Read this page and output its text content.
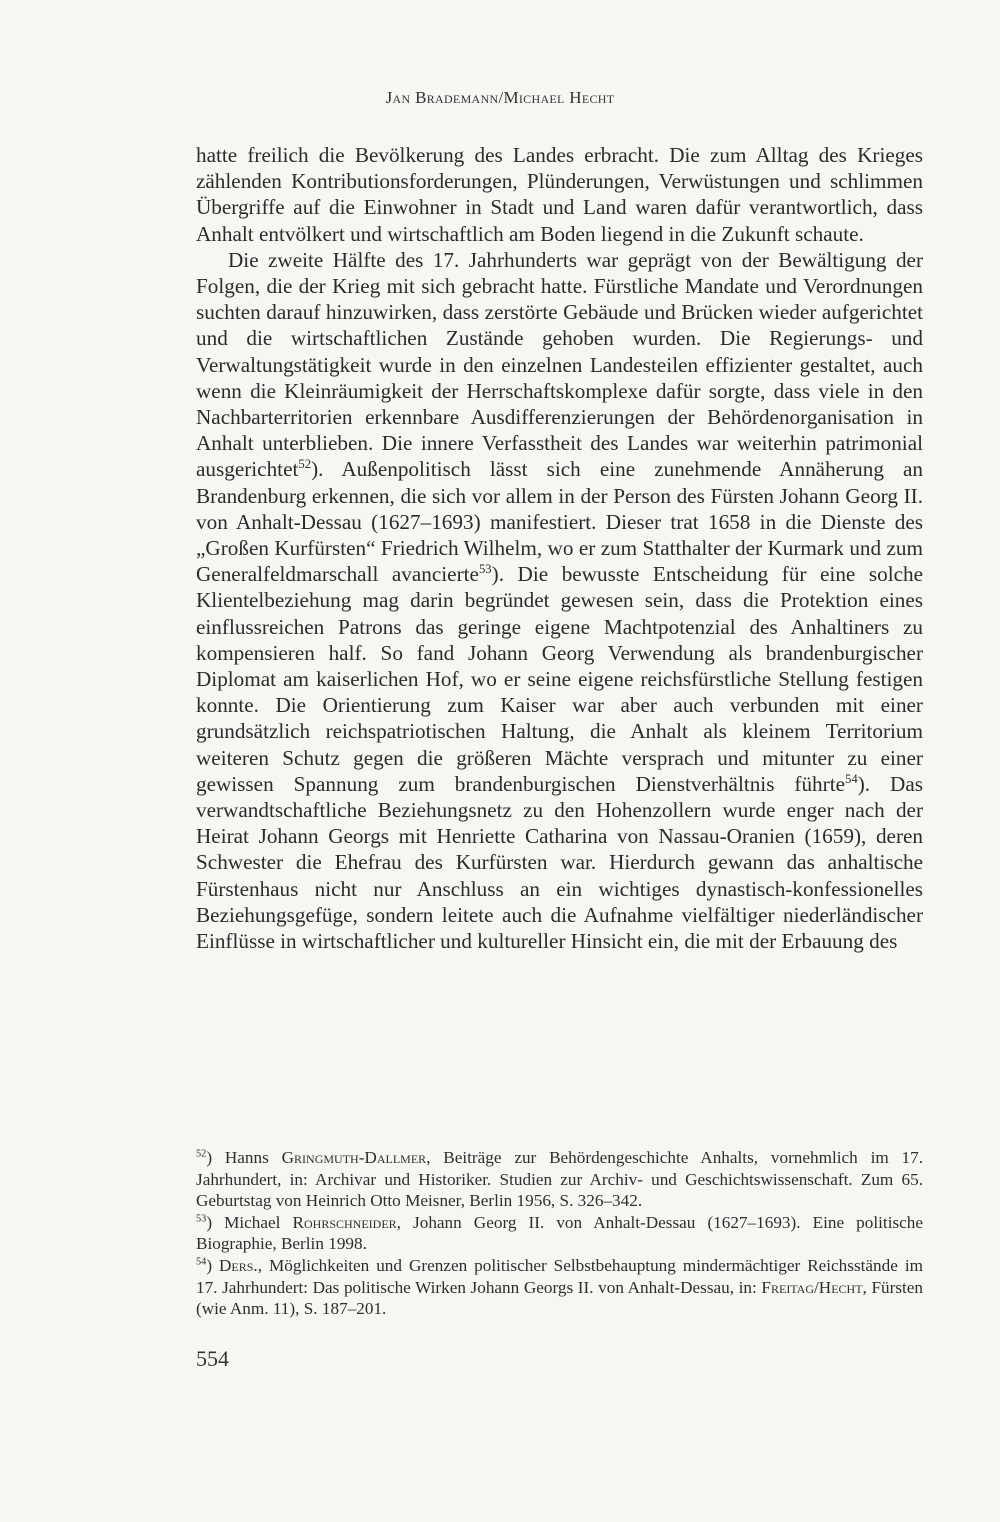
Jan Brademann/Michael Hecht

hatte freilich die Bevölkerung des Landes erbracht. Die zum Alltag des Krieges zählenden Kontributionsforderungen, Plünderungen, Verwüstungen und schlimmen Übergriffe auf die Einwohner in Stadt und Land waren dafür verantwortlich, dass Anhalt entvölkert und wirtschaftlich am Boden liegend in die Zukunft schaute.

Die zweite Hälfte des 17. Jahrhunderts war geprägt von der Bewältigung der Folgen, die der Krieg mit sich gebracht hatte. Fürstliche Mandate und Verordnungen suchten darauf hinzuwirken, dass zerstörte Gebäude und Brücken wieder aufgerichtet und die wirtschaftlichen Zustände gehoben wurden. Die Regierungs- und Verwaltungstätigkeit wurde in den einzelnen Landesteilen effizienter gestaltet, auch wenn die Kleinräumigkeit der Herrschaftskomplexe dafür sorgte, dass viele in den Nachbarterritorien erkennbare Ausdifferenzierungen der Behördenorganisation in Anhalt unterblieben. Die innere Verfasstheit des Landes war weiterhin patrimonial ausgerichtet$^{52}$). Außenpolitisch lässt sich eine zunehmende Annäherung an Brandenburg erkennen, die sich vor allem in der Person des Fürsten Johann Georg II. von Anhalt-Dessau (1627–1693) manifestiert. Dieser trat 1658 in die Dienste des „Großen Kurfürsten“ Friedrich Wilhelm, wo er zum Statthalter der Kurmark und zum Generalfeldmarschall avancierte$^{53}$). Die bewusste Entscheidung für eine solche Klientelbeziehung mag darin begründet gewesen sein, dass die Protektion eines einflussreichen Patrons das geringe eigene Machtpotenzial des Anhaltiners zu kompensieren half. So fand Johann Georg Verwendung als brandenburgischer Diplomat am kaiserlichen Hof, wo er seine eigene reichsfürstliche Stellung festigen konnte. Die Orientierung zum Kaiser war aber auch verbunden mit einer grundsätzlich reichspatriotischen Haltung, die Anhalt als kleinem Territorium weiteren Schutz gegen die größeren Mächte versprach und mitunter zu einer gewissen Spannung zum brandenburgischen Dienstverhältnis führte$^{54}$). Das verwandtschaftliche Beziehungsnetz zu den Hohenzollern wurde enger nach der Heirat Johann Georgs mit Henriette Catharina von Nassau-Oranien (1659), deren Schwester die Ehefrau des Kurfürsten war. Hierdurch gewann das anhaltische Fürstenhaus nicht nur Anschluss an ein wichtiges dynastisch-konfessionelles Beziehungsgefüge, sondern leitete auch die Aufnahme vielfältiger niederländischer Einflüsse in wirtschaftlicher und kultureller Hinsicht ein, die mit der Erbauung des

$^{52}$) Hanns Gringmuth-Dallmer, Beiträge zur Behördengeschichte Anhalts, vornehmlich im 17. Jahrhundert, in: Archivar und Historiker. Studien zur Archiv- und Geschichtswissenschaft. Zum 65. Geburtstag von Heinrich Otto Meisner, Berlin 1956, S. 326–342.

$^{53}$) Michael Rohrschneider, Johann Georg II. von Anhalt-Dessau (1627–1693). Eine politische Biographie, Berlin 1998.

$^{54}$) Ders., Möglichkeiten und Grenzen politischer Selbstbehauptung mindermächtiger Reichsstände im 17. Jahrhundert: Das politische Wirken Johann Georgs II. von Anhalt-Dessau, in: Freitag/Hecht, Fürsten (wie Anm. 11), S. 187–201.

554
